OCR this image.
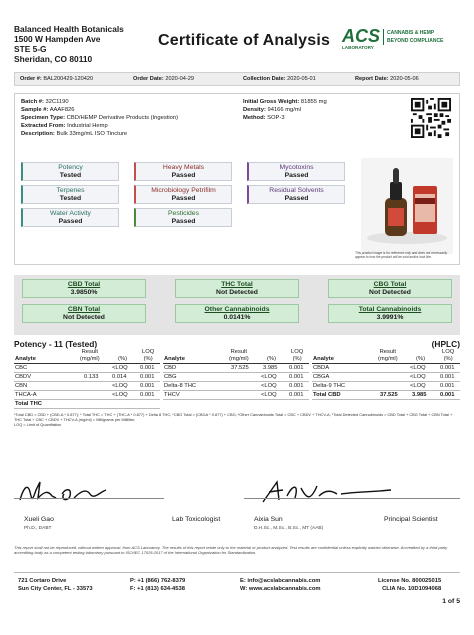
Balanced Health Botanicals
1500 W Hampden Ave
STE 5-G
Sheridan, CO 80110
Certificate of Analysis ACS
LABORATORY
CANNABIS & HEMP
BEYOND COMPLIANCE
Order #: BAL200429-120420	Order Date: 2020-04-29	Collection Date: 2020-05-01	Report Date: 2020-05-06
Batch #: 32C1190
Sample #: AAAF826
Specimen Type: CBD/HEMP Derivative Products (Ingestion)
Extracted From: Industrial Hemp
Description: Bulk 33mg/mL ISO Tincture
Initial Gross Weight: 81855 mg
Density: 94166 mg/ml
Method: SOP-3
Potency
Tested
Heavy Metals
Passed
Mycotoxins
Passed
Terpenes
Tested
Microbiology Petrifilm
Passed
Residual Solvents
Passed
Water Activity
Passed
Pesticides
Passed
This product image is for reference only and does not necessarily appear to how the product will be sold and/or look like.
CBD Total
3.9850%
THC Total
Not Detected
CBG Total
Not Detected
CBN Total
Not Detected
Other Cannabinoids
0.0141%
Total Cannabinoids
3.9991%
Potency - 11 (Tested)	(HPLC)
Analyte
Result
(mg/ml)	(%)
LOQ
(%)
CBC	<LOQ 0.001
CBDV	0.133 0.014 0.001
CBN	<LOQ 0.001
THCA-A	<LOQ 0.001
Total THC
Analyte
Result
(mg/ml)	(%)
LOQ
(%)
CBD	37.525 3.985 0.001
CBG	<LOQ 0.001
Delta-8 THC	<LOQ 0.001
THCV	<LOQ 0.001
Analyte
Result
(mg/ml)	(%)
LOQ
(%)
CBDA	<LOQ 0.001
CBGA	<LOQ 0.001
Delta-9 THC	<LOQ 0.001
Total CBD	37.525 3.985 0.001
*Total CBD = CBD + (CBD-A * 0.877); * Total THC = THC + (THC-A * 0.877) + Delta 8 THC; *CBG Total = (CBGA * 0.877) + CBG; *Other Cannabinoids Total = CBC + CBDV + THCV-A; *Total Detected Cannabinoids = CBD Total + CBG Total + CBN Total + THC Total + CBC + CBDV + THCV-A (mg/ml) = Milligrams per Milliliter,
LOQ = Limit of Quantitation
Xueli Gao	Lab Toxicologist
Ph.D., DABT
Aixia Sun	Principal Scientist
D.H.Sc., M.Sc., B.Sc., MT (AAB)
This report shall not be reproduced, without written approval, from ACS Laboratory. The results of this report relate only to the material or product analyzed. Test results are confidential unless explicitly waived otherwise. Accredited by a third party accrediting body as a competent testing laboratory pursuant to ISO/IEC 17025:2017 of the International Organization for Standardization.
721 Cortaro Drive
Sun City Center, FL - 33573
P: +1 (866) 762-8379
F: +1 (813) 634-4538
E: info@acslabcannabis.com
W: www.acslabcannabis.com
License No. 800025015
CLIA No. 10D1094068
1 of 5
